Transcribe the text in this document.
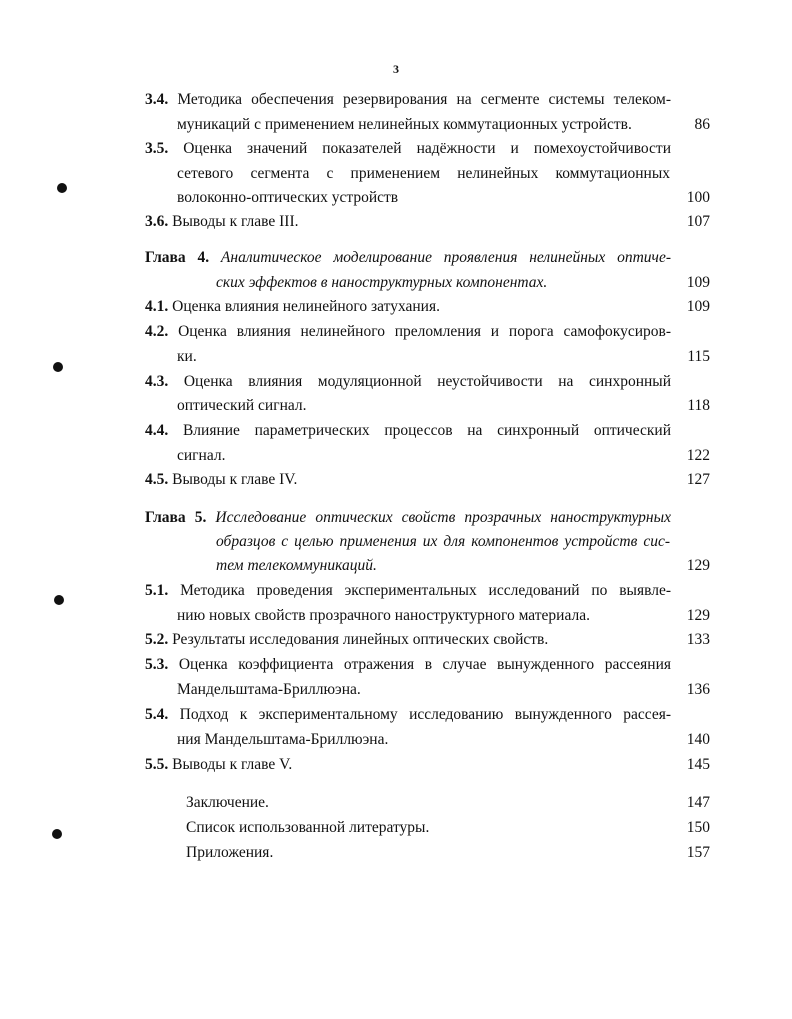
3
3.4. Методика обеспечения резервирования на сегменте системы телеком-
муникаций с применением нелинейных коммутационных устройств.	86
3.5. Оценка значений показателей надёжности и помехоустойчивости
сетевого сегмента с применением нелинейных коммутационных
волоконно-оптических устройств	100
3.6. Выводы к главе III.	107
Глава 4. Аналитическое моделирование проявления нелинейных оптиче-
ских эффектов в наноструктурных компонентах.	109
4.1. Оценка влияния нелинейного затухания.	109
4.2. Оценка влияния нелинейного преломления и порога самофокусиров-
ки.	115
4.3. Оценка влияния модуляционной неустойчивости на синхронный
оптический сигнал.	118
4.4. Влияние параметрических процессов на синхронный оптический
сигнал.	122
4.5. Выводы к главе IV.	127
Глава 5. Исследование оптических свойств прозрачных наноструктурных
образцов с целью применения их для компонентов устройств сис-
тем телекоммуникаций.	129
5.1. Методика проведения экспериментальных исследований по выявле-
нию новых свойств прозрачного наноструктурного материала.	129
5.2. Результаты исследования линейных оптических свойств.	133
5.3. Оценка коэффициента отражения в случае вынужденного рассеяния
Мандельштама-Бриллюэна.	136
5.4. Подход к экспериментальному исследованию вынужденного рассея-
ния Мандельштама-Бриллюэна.	140
5.5. Выводы к главе V.	145
Заключение.	147
Список использованной литературы.	150
Приложения.	157
